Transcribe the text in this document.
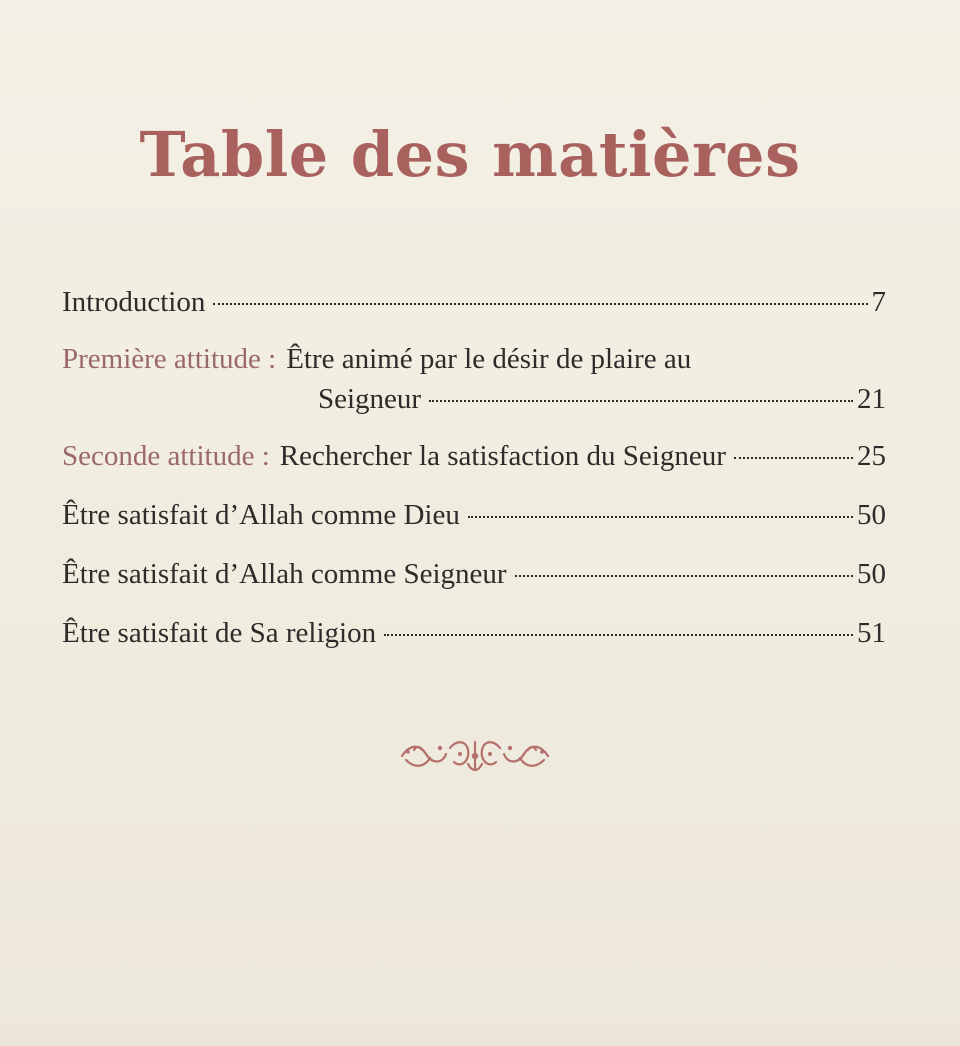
Table des matières
Introduction	7
Première attitude : Être animé par le désir de plaire au
Seigneur	21
Seconde attitude : Rechercher la satisfaction du Seigneur	25
Être satisfait d’Allah comme Dieu	50
Être satisfait d’Allah comme Seigneur	50
Être satisfait de Sa religion	51
